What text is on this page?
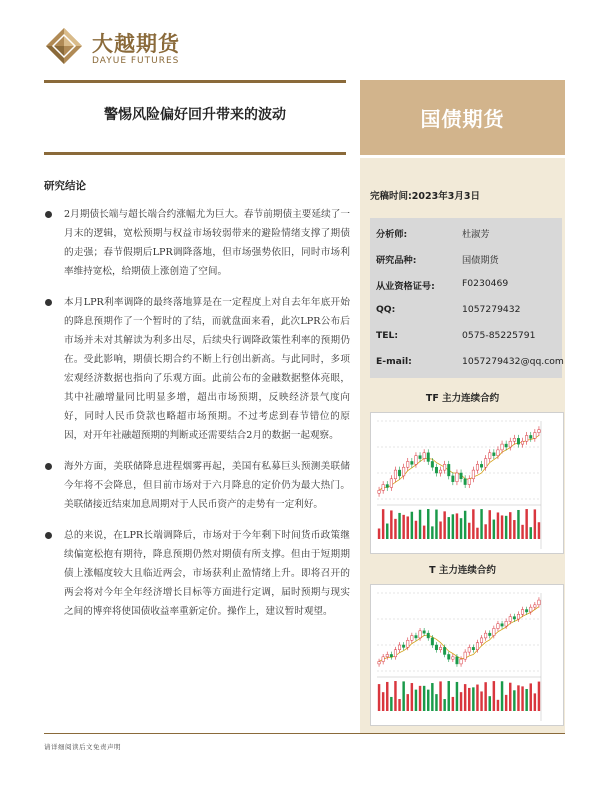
大越期货
DAYUE FUTURES
警惕风险偏好回升带来的波动	国债期货
研究结论
2月期债长端与超长端合约涨幅尤为巨大。春节前期债主要延续了一月末的逻辑，宽松预期与权益市场较弱带来的避险情绪支撑了期债的走强；春节假期后LPR调降落地，但市场强势依旧，同时市场利率维持宽松，给期债上涨创造了空间。
本月LPR利率调降的最终落地算是在一定程度上对自去年年底开始的降息预期作了一个暂时的了结，而就盘面来看，此次LPR公布后市场并未对其解读为利多出尽，后续央行调降政策性利率的预期仍在。受此影响，期债长期合约不断上行创出新高。与此同时，多项宏观经济数据也指向了乐观方面。此前公布的金融数据整体亮眼，其中社融增量同比明显多增，超出市场预期，反映经济景气度向好，同时人民币贷款也略超市场预期。不过考虑到春节错位的原因，对开年社融超预期的判断或还需要结合2月的数据一起观察。
海外方面，美联储降息进程烟雾再起，美国有私募巨头预测美联储今年将不会降息，但目前市场对于六月降息的定价仍为最大热门。美联储接近结束加息周期对于人民币资产的走势有一定利好。
总的来说，在LPR长端调降后，市场对于今年剩下时间货币政策继续偏宽松抱有期待，降息预期仍然对期债有所支撑。但由于短期期债上涨幅度较大且临近两会，市场获利止盈情绪上升。即将召开的两会将对今年全年经济增长目标等方面进行定调，届时预期与现实之间的博弈将使国债收益率重新定价。操作上，建议暂时观望。
完稿时间:2023年3月3日
分析师:	杜淑芳
研究品种:	国债期货
从业资格证号:	F0230469
QQ:	1057279432
TEL:	0575-85225791
E-mail:	1057279432@qq.com
TF 主力连续合约
T 主力连续合约
请详细阅读后文免责声明
